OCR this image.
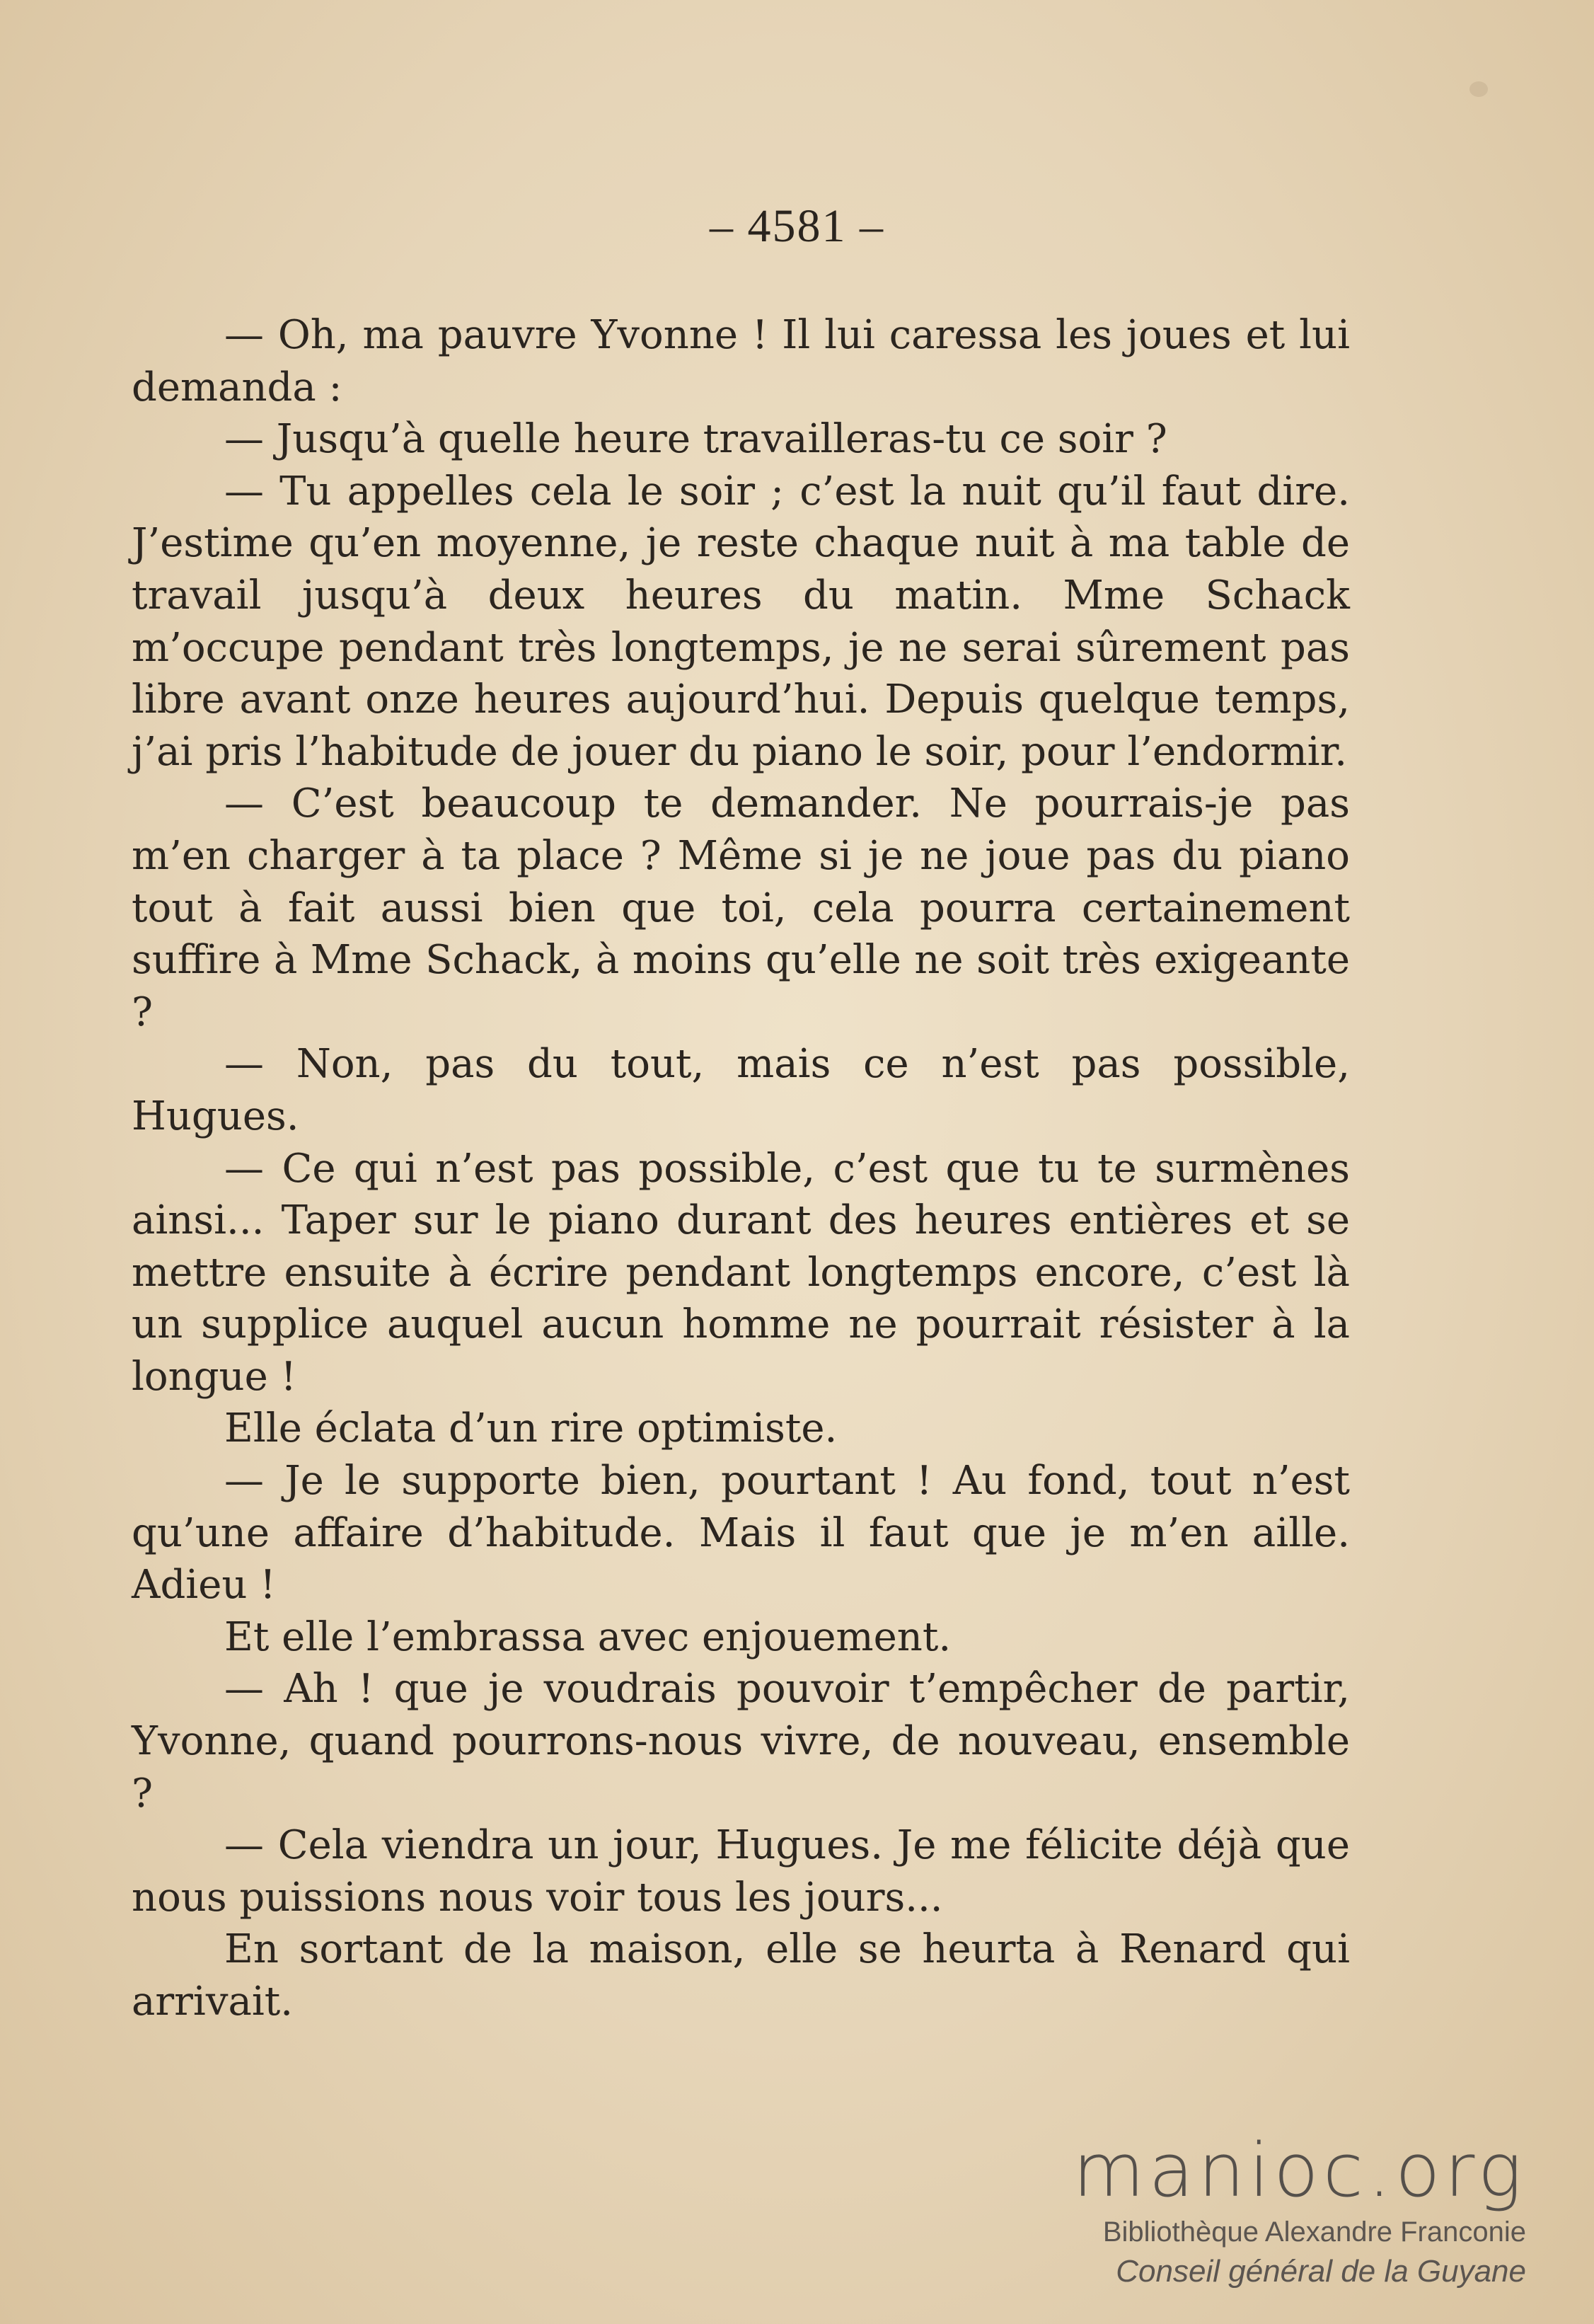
– 4581 –

— Oh, ma pauvre Yvonne ! Il lui caressa les joues et lui demanda :

— Jusqu’à quelle heure travailleras-tu ce soir ?

— Tu appelles cela le soir ; c’est la nuit qu’il faut dire. J’estime qu’en moyenne, je reste chaque nuit à ma table de travail jusqu’à deux heures du matin. Mme Schack m’occupe pendant très longtemps, je ne serai sûrement pas libre avant onze heures aujourd’hui. Depuis quelque temps, j’ai pris l’habitude de jouer du piano le soir, pour l’endormir.

— C’est beaucoup te demander. Ne pourrais-je pas m’en charger à ta place ? Même si je ne joue pas du piano tout à fait aussi bien que toi, cela pourra certainement suffire à Mme Schack, à moins qu’elle ne soit très exigeante ?

— Non, pas du tout, mais ce n’est pas possible, Hugues.

— Ce qui n’est pas possible, c’est que tu te surmènes ainsi... Taper sur le piano durant des heures entières et se mettre ensuite à écrire pendant longtemps encore, c’est là un supplice auquel aucun homme ne pourrait résister à la longue !

Elle éclata d’un rire optimiste.

— Je le supporte bien, pourtant ! Au fond, tout n’est qu’une affaire d’habitude. Mais il faut que je m’en aille. Adieu !

Et elle l’embrassa avec enjouement.

— Ah ! que je voudrais pouvoir t’empêcher de partir, Yvonne, quand pourrons-nous vivre, de nouveau, ensemble ?

— Cela viendra un jour, Hugues. Je me félicite déjà que nous puissions nous voir tous les jours...

En sortant de la maison, elle se heurta à Renard qui arrivait.

manioc.org
Bibliothèque Alexandre Franconie
Conseil général de la Guyane
